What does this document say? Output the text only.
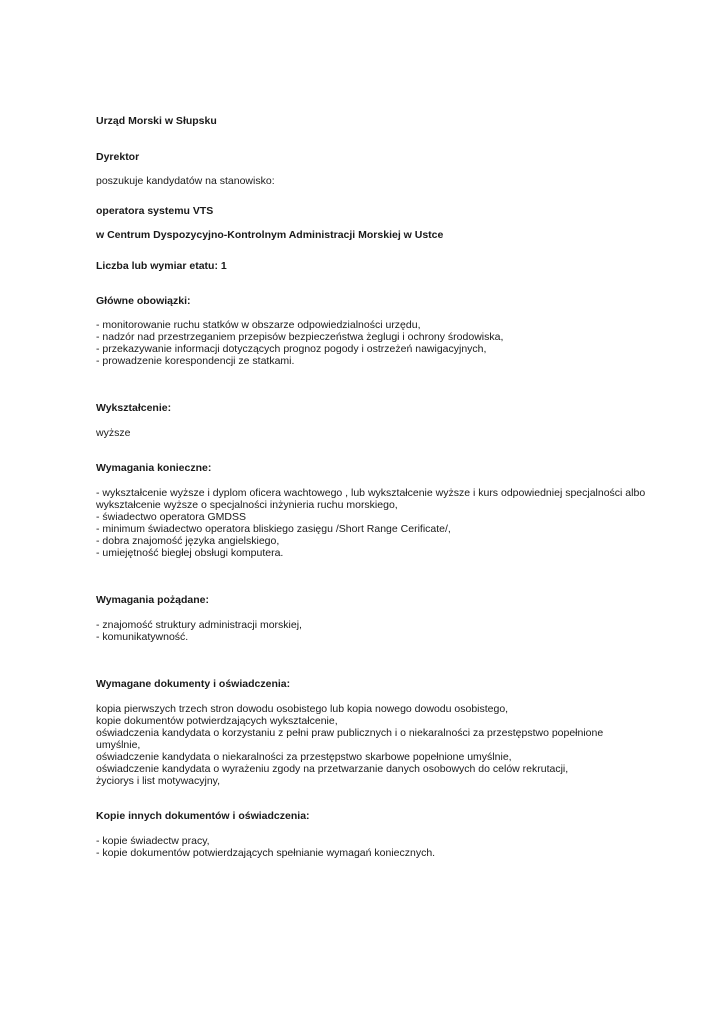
Urząd Morski w Słupsku

Dyrektor

poszukuje kandydatów na stanowisko:

operatora systemu VTS

w Centrum Dyspozycyjno-Kontrolnym Administracji Morskiej w Ustce

Liczba lub wymiar etatu: 1

Główne obowiązki:

- monitorowanie ruchu statków w obszarze odpowiedzialności urzędu,
- nadzór nad przestrzeganiem przepisów bezpieczeństwa żeglugi i ochrony środowiska,
- przekazywanie informacji dotyczących prognoz pogody i ostrzeżeń nawigacyjnych,
- prowadzenie korespondencji ze statkami.

Wykształcenie:

wyższe

Wymagania konieczne:

- wykształcenie wyższe i dyplom oficera wachtowego , lub wykształcenie wyższe i kurs odpowiedniej specjalności albo
wykształcenie wyższe o specjalności inżynieria ruchu morskiego,
- świadectwo operatora GMDSS
- minimum świadectwo operatora bliskiego zasięgu /Short Range Cerificate/,
- dobra znajomość języka angielskiego,
- umiejętność biegłej obsługi komputera.

Wymagania pożądane:

- znajomość struktury administracji morskiej,
- komunikatywność.

Wymagane dokumenty i oświadczenia:

kopia pierwszych trzech stron dowodu osobistego lub kopia nowego dowodu osobistego,
kopie dokumentów potwierdzających wykształcenie,
oświadczenia kandydata o korzystaniu z pełni praw publicznych i o niekaralności za przestępstwo popełnione
umyślnie,
oświadczenie kandydata o niekaralności za przestępstwo skarbowe popełnione umyślnie,
oświadczenie kandydata o wyrażeniu zgody na przetwarzanie danych osobowych do celów rekrutacji,
życiorys i list motywacyjny,

Kopie innych dokumentów i oświadczenia:

- kopie świadectw pracy,
- kopie dokumentów potwierdzających spełnianie wymagań koniecznych.
